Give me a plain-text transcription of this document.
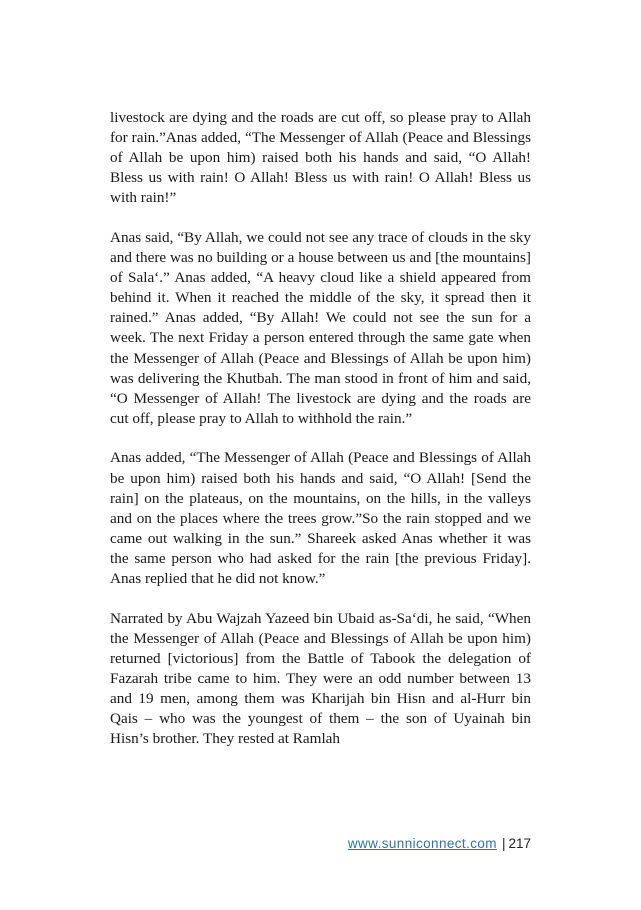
livestock are dying and the roads are cut off, so please pray to Allah for rain.”Anas added, “The Messenger of Allah (Peace and Blessings of Allah be upon him) raised both his hands and said, “O Allah! Bless us with rain! O Allah! Bless us with rain! O Allah! Bless us with rain!”

Anas said, “By Allah, we could not see any trace of clouds in the sky and there was no building or a house between us and [the mountains] of Sala‘.” Anas added, “A heavy cloud like a shield appeared from behind it. When it reached the middle of the sky, it spread then it rained.” Anas added, “By Allah! We could not see the sun for a week. The next Friday a person entered through the same gate when the Messenger of Allah (Peace and Blessings of Allah be upon him) was delivering the Khutbah. The man stood in front of him and said, “O Messenger of Allah! The livestock are dying and the roads are cut off, please pray to Allah to withhold the rain.”

Anas added, “The Messenger of Allah (Peace and Blessings of Allah be upon him) raised both his hands and said, “O Allah! [Send the rain] on the plateaus, on the mountains, on the hills, in the valleys and on the places where the trees grow.”So the rain stopped and we came out walking in the sun.” Shareek asked Anas whether it was the same person who had asked for the rain [the previous Friday]. Anas replied that he did not know.”

Narrated by Abu Wajzah Yazeed bin Ubaid as-Sa‘di, he said, “When the Messenger of Allah (Peace and Blessings of Allah be upon him) returned [victorious] from the Battle of Tabook the delegation of Fazarah tribe came to him. They were an odd number between 13 and 19 men, among them was Kharijah bin Hisn and al-Hurr bin Qais – who was the youngest of them – the son of Uyainah bin Hisn’s brother. They rested at Ramlah

www.sunniconnect.com | 217
